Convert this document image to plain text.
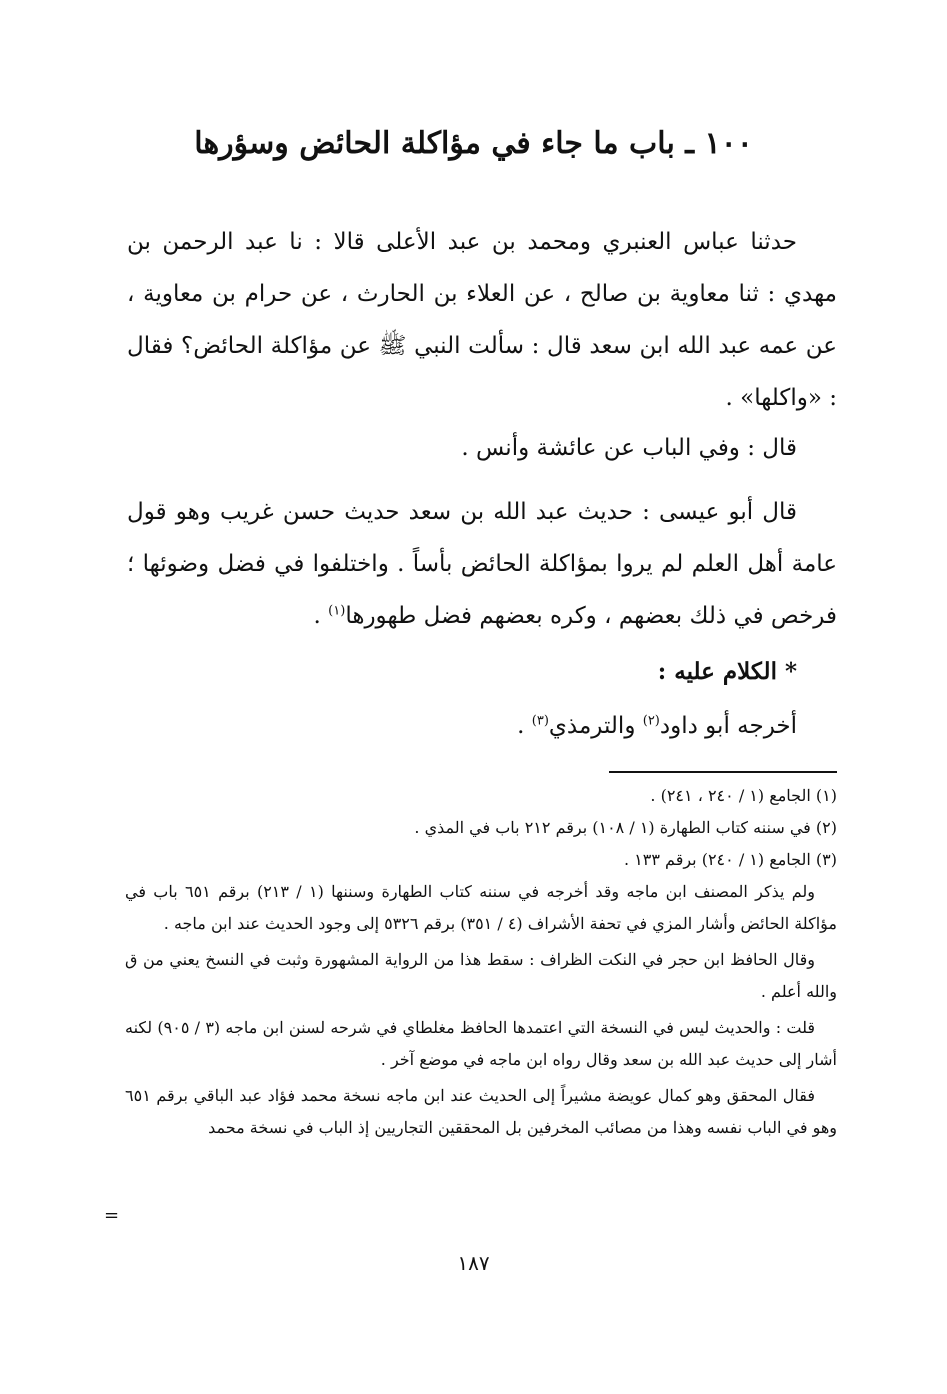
١٠٠ ـ باب ما جاء في مؤاكلة الحائض وسؤرها
حدثنا عباس العنبري ومحمد بن عبد الأعلى قالا : نا عبد الرحمن بن مهدي : ثنا معاوية بن صالح ، عن العلاء بن الحارث ، عن حرام بن معاوية ، عن عمه عبد الله ابن سعد قال : سألت النبي ﷺ عن مؤاكلة الحائض؟ فقال : «واكلها» .
قال : وفي الباب عن عائشة وأنس .
قال أبو عيسى : حديث عبد الله بن سعد حديث حسن غريب وهو قول عامة أهل العلم لم يروا بمؤاكلة الحائض بأساً . واختلفوا في فضل وضوئها ؛ فرخص في ذلك بعضهم ، وكره بعضهم فضل طهورها$^{(١)}$ .
* الكلام عليه :
أخرجه أبو داود$^{(٢)}$ والترمذي$^{(٣)}$ .

(١) الجامع (١ / ٢٤٠ ، ٢٤١) .

(٢) في سننه كتاب الطهارة (١ / ١٠٨) برقم ٢١٢ باب في المذي .

(٣) الجامع (١ / ٢٤٠) برقم ١٣٣ .

ولم يذكر المصنف ابن ماجه وقد أخرجه في سننه كتاب الطهارة وسننها (١ / ٢١٣) برقم ٦٥١ باب في مؤاكلة الحائض وأشار المزي في تحفة الأشراف (٤ / ٣٥١) برقم ٥٣٢٦ إلى وجود الحديث عند ابن ماجه .
وقال الحافظ ابن حجر في النكت الظراف : سقط هذا من الرواية المشهورة وثبت في النسخ يعني من ق والله أعلم .
قلت : والحديث ليس في النسخة التي اعتمدها الحافظ مغلطاي في شرحه لسنن ابن ماجه (٣ / ٩٠٥) لكنه أشار إلى حديث عبد الله بن سعد وقال رواه ابن ماجه في موضع آخر .
فقال المحقق وهو كمال عويضة مشيراً إلى الحديث عند ابن ماجه نسخة محمد فؤاد عبد الباقي برقم ٦٥١ وهو في الباب نفسه وهذا من مصائب المخرفين بل المحققين التجاريين إذ الباب في نسخة محمد
=
١٨٧
